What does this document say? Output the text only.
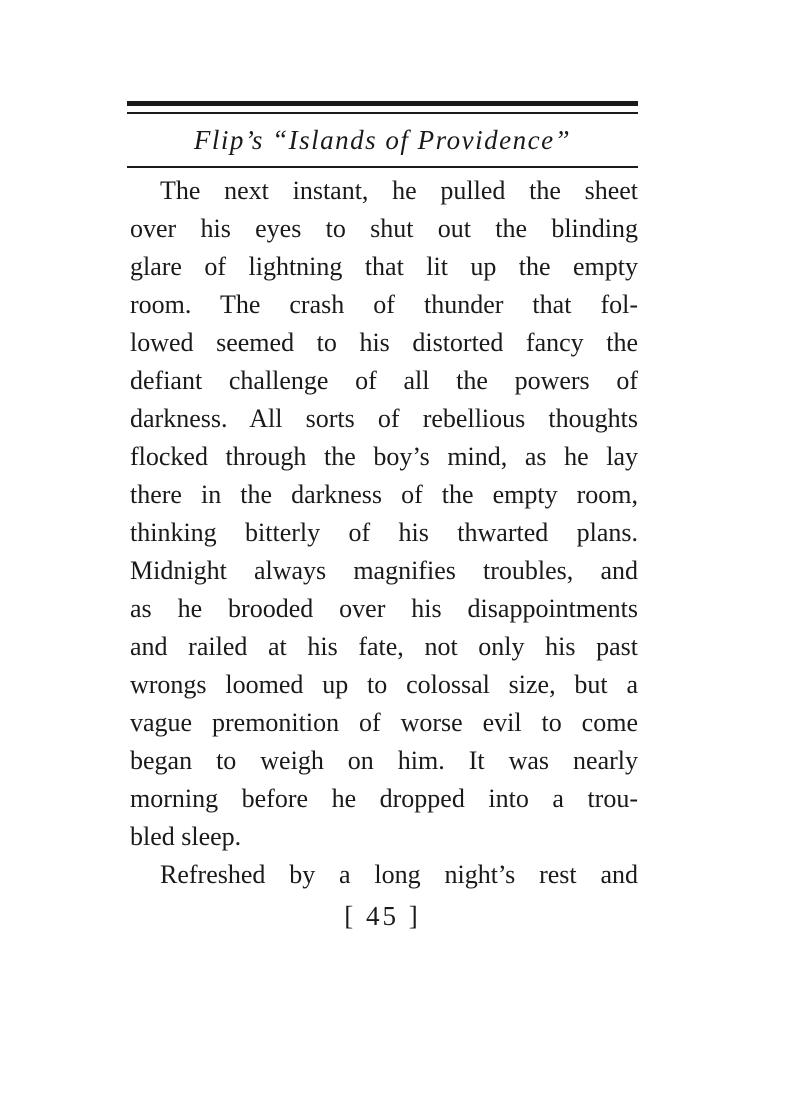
Flip’s “Islands of Providence”
The next instant, he pulled the sheet
over his eyes to shut out the blinding
glare of lightning that lit up the empty
room. The crash of thunder that fol-
lowed seemed to his distorted fancy the
defiant challenge of all the powers of
darkness. All sorts of rebellious thoughts
flocked through the boy’s mind, as he lay
there in the darkness of the empty room,
thinking bitterly of his thwarted plans.
Midnight always magnifies troubles, and
as he brooded over his disappointments
and railed at his fate, not only his past
wrongs loomed up to colossal size, but a
vague premonition of worse evil to come
began to weigh on him. It was nearly
morning before he dropped into a trou-
bled sleep.
Refreshed by a long night’s rest and
[ 45 ]
